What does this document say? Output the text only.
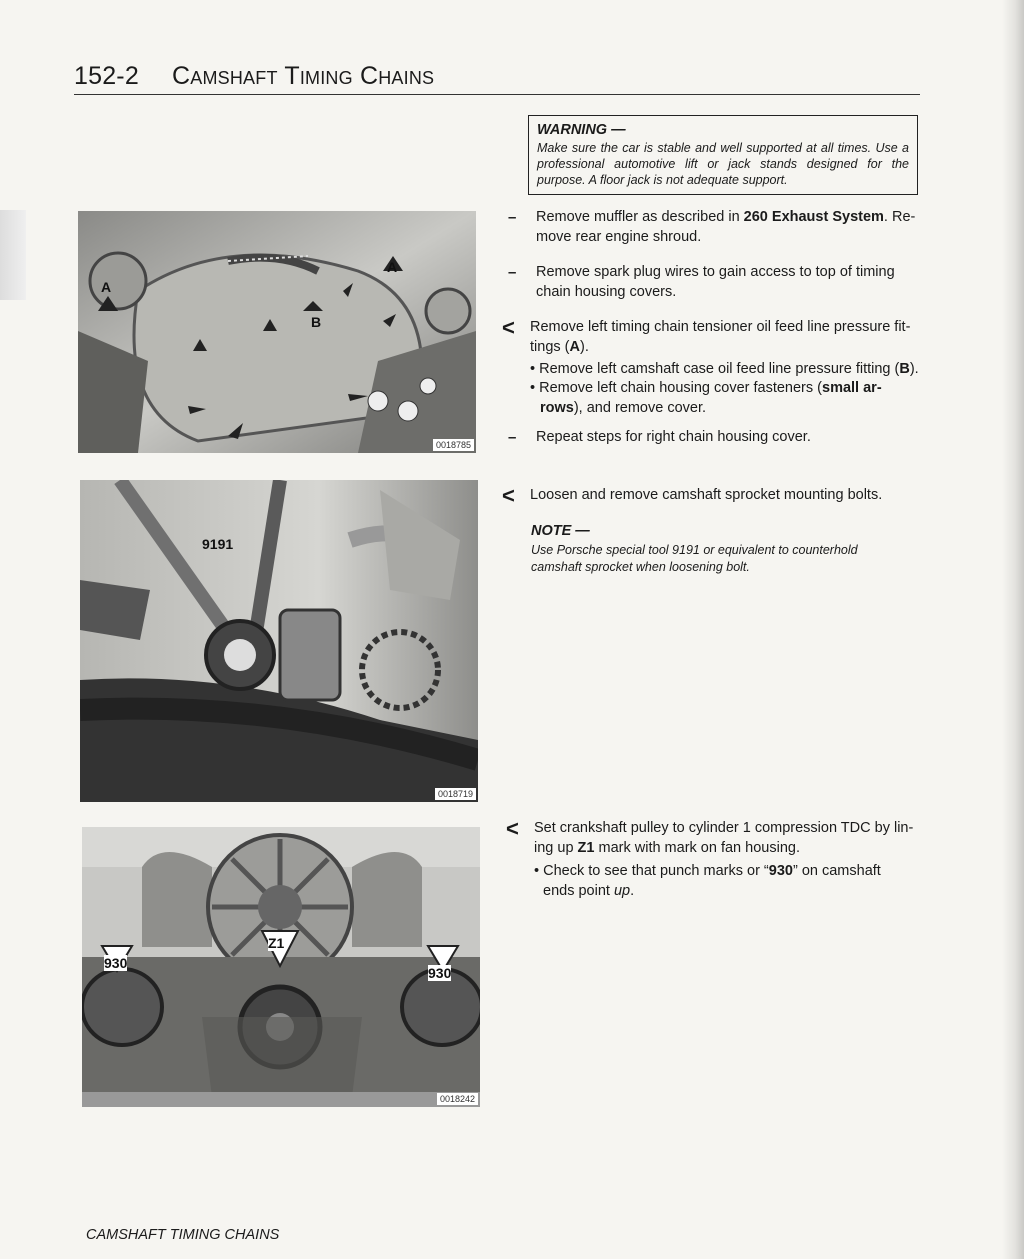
152-2 Camshaft Timing Chains
WARNING —
Make sure the car is stable and well supported at all times. Use a professional automotive lift or jack stands designed for the purpose. A floor jack is not adequate support.
A
A
B
0018785
9191
0018719
930
Z1
930
0018242
–	Remove muffler as described in 260 Exhaust System. Re-
move rear engine shroud.
–	Remove spark plug wires to gain access to top of timing
chain housing covers.
<	Remove left timing chain tensioner oil feed line pressure fit-
tings (A).
• Remove left camshaft case oil feed line pressure fitting (B).
• Remove left chain housing cover fasteners (small ar-
rows), and remove cover.
–	Repeat steps for right chain housing cover.
<	Loosen and remove camshaft sprocket mounting bolts.
NOTE —
Use Porsche special tool 9191 or equivalent to counterhold
camshaft sprocket when loosening bolt.
<	Set crankshaft pulley to cylinder 1 compression TDC by lin-
ing up Z1 mark with mark on fan housing.
• Check to see that punch marks or “930” on camshaft
ends point up.
CAMSHAFT TIMING CHAINS
